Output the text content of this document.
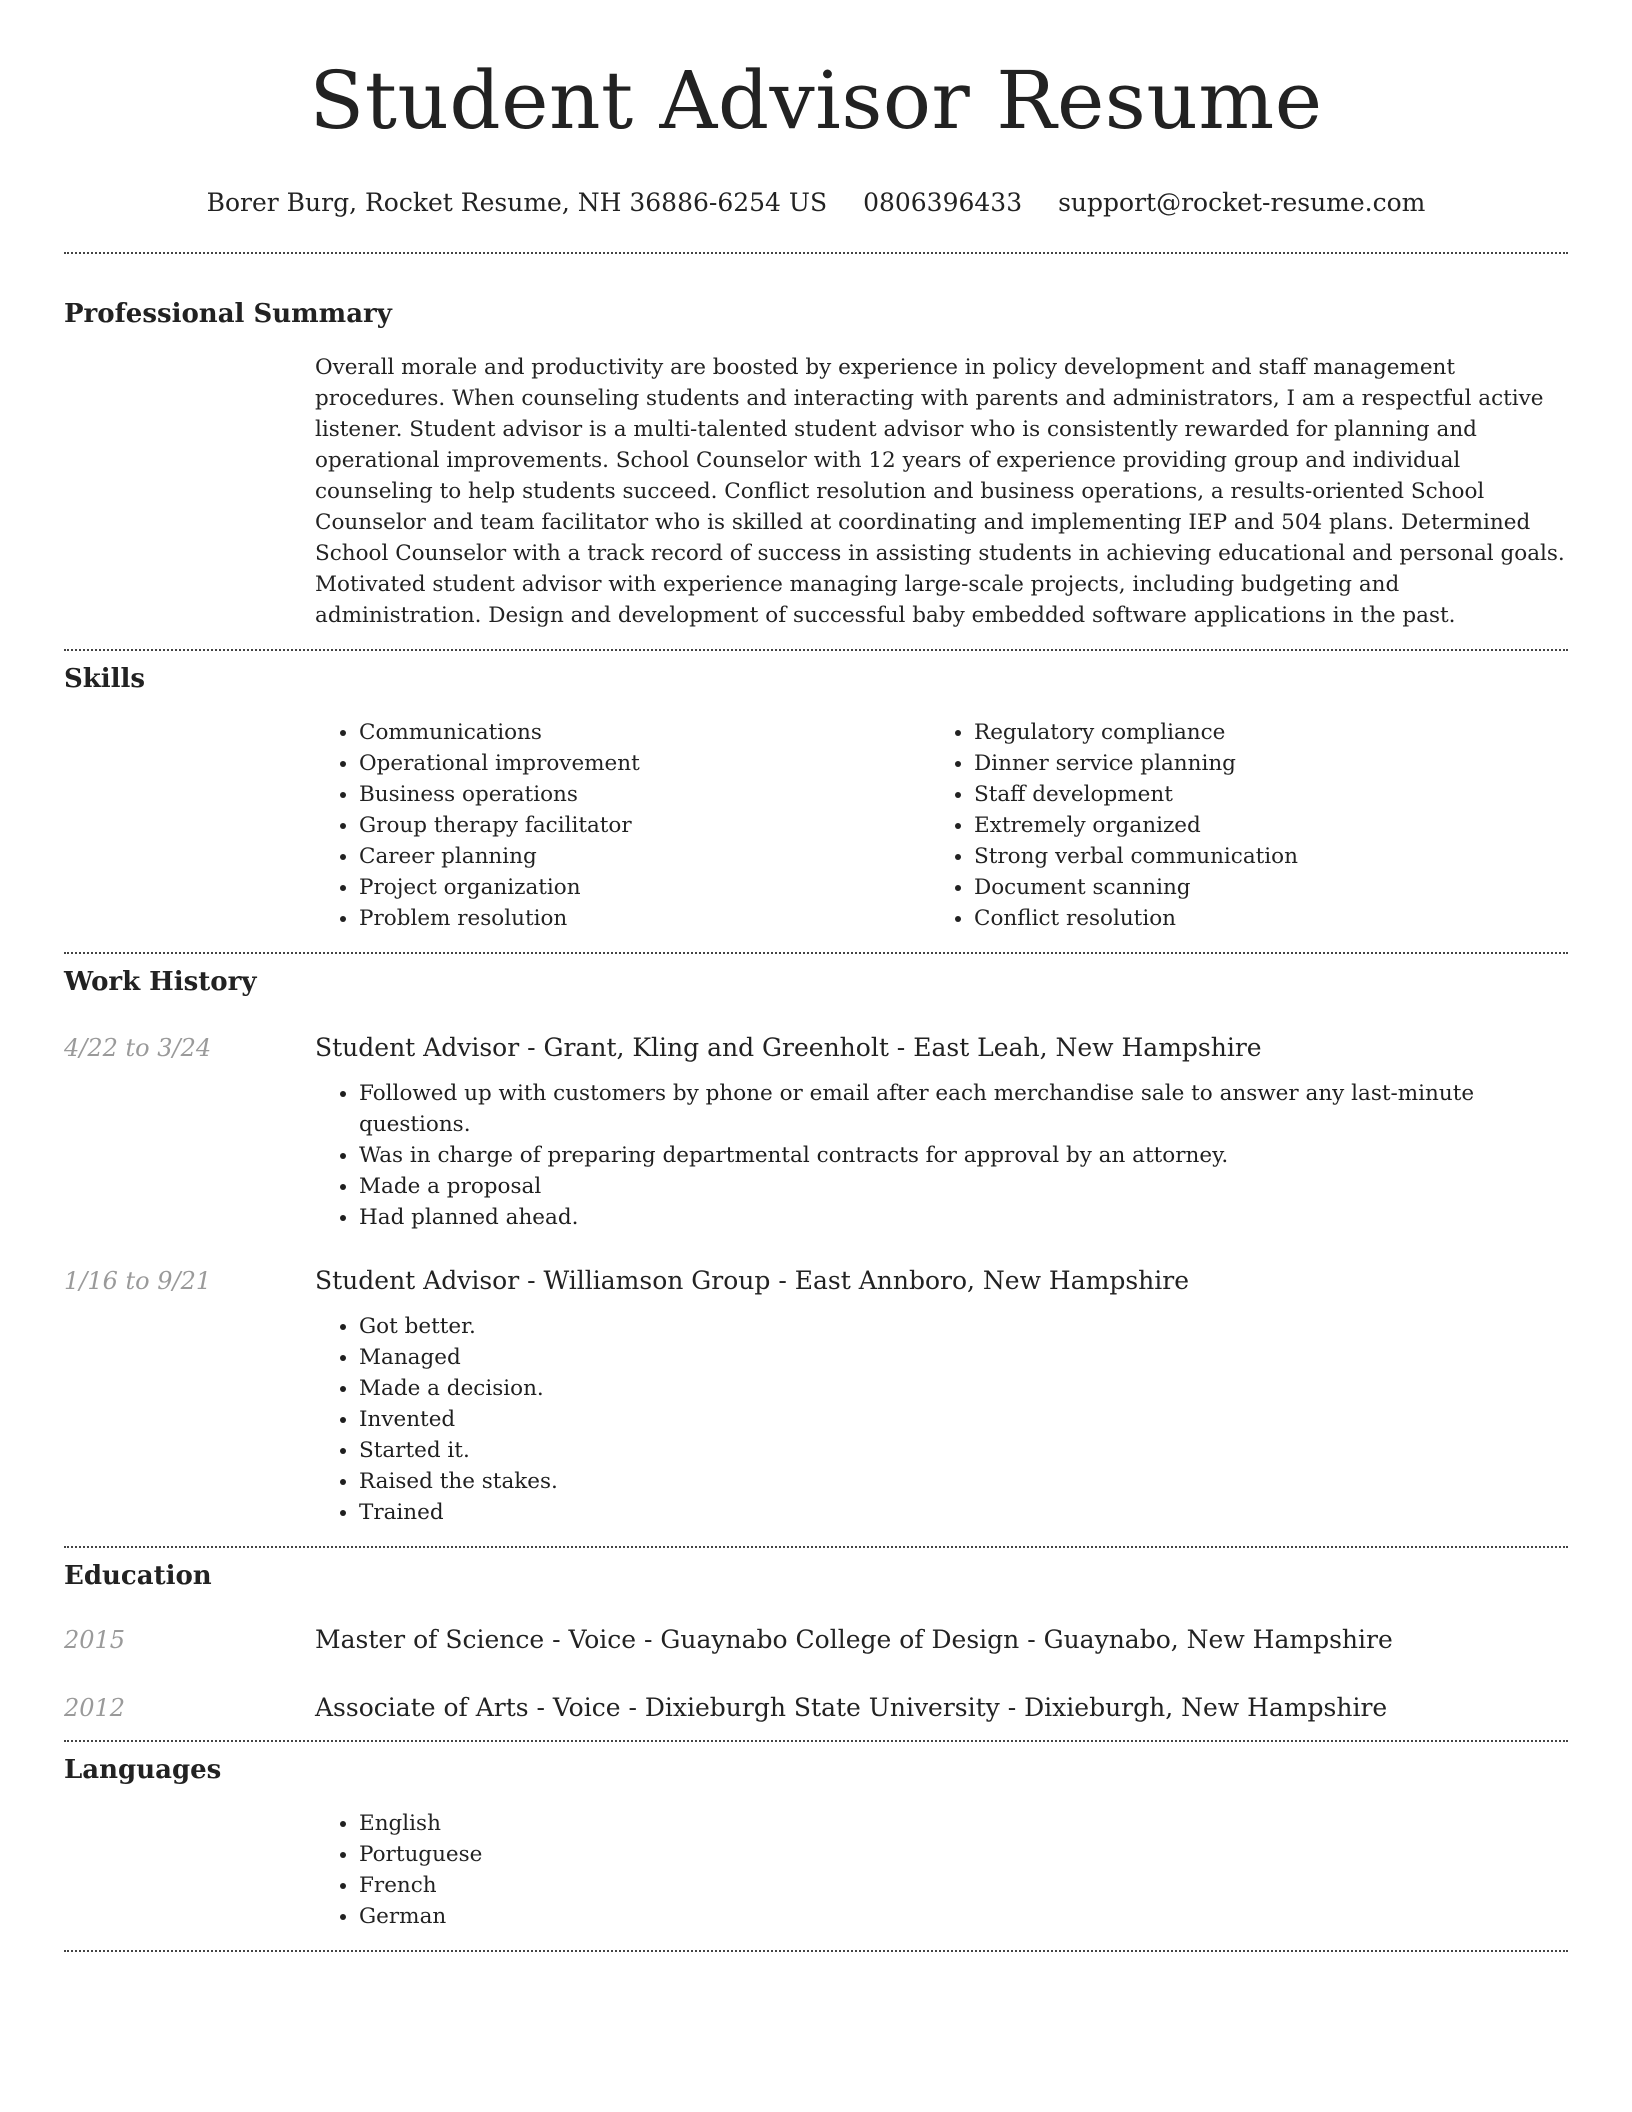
Student Advisor Resume
Borer Burg, Rocket Resume, NH 36886-6254 US 0806396433 support@rocket-resume.com
Professional Summary
Overall morale and productivity are boosted by experience in policy development and staff management procedures. When counseling students and interacting with parents and administrators, I am a respectful active listener. Student advisor is a multi-talented student advisor who is consistently rewarded for planning and operational improvements. School Counselor with 12 years of experience providing group and individual counseling to help students succeed. Conflict resolution and business operations, a results-oriented School Counselor and team facilitator who is skilled at coordinating and implementing IEP and 504 plans. Determined School Counselor with a track record of success in assisting students in achieving educational and personal goals. Motivated student advisor with experience managing large-scale projects, including budgeting and administration. Design and development of successful baby embedded software applications in the past.
Skills
• Communications
• Operational improvement
• Business operations
• Group therapy facilitator
• Career planning
• Project organization
• Problem resolution
• Regulatory compliance
• Dinner service planning
• Staff development
• Extremely organized
• Strong verbal communication
• Document scanning
• Conflict resolution
Work History
4/22 to 3/24	Student Advisor - Grant, Kling and Greenholt - East Leah, New Hampshire
• Followed up with customers by phone or email after each merchandise sale to answer any last-minute questions.
• Was in charge of preparing departmental contracts for approval by an attorney.
• Made a proposal
• Had planned ahead.
1/16 to 9/21	Student Advisor - Williamson Group - East Annboro, New Hampshire
• Got better.
• Managed
• Made a decision.
• Invented
• Started it.
• Raised the stakes.
• Trained
Education
2015	Master of Science - Voice - Guaynabo College of Design - Guaynabo, New Hampshire
2012	Associate of Arts - Voice - Dixieburgh State University - Dixieburgh, New Hampshire
Languages
• English
• Portuguese
• French
• German
